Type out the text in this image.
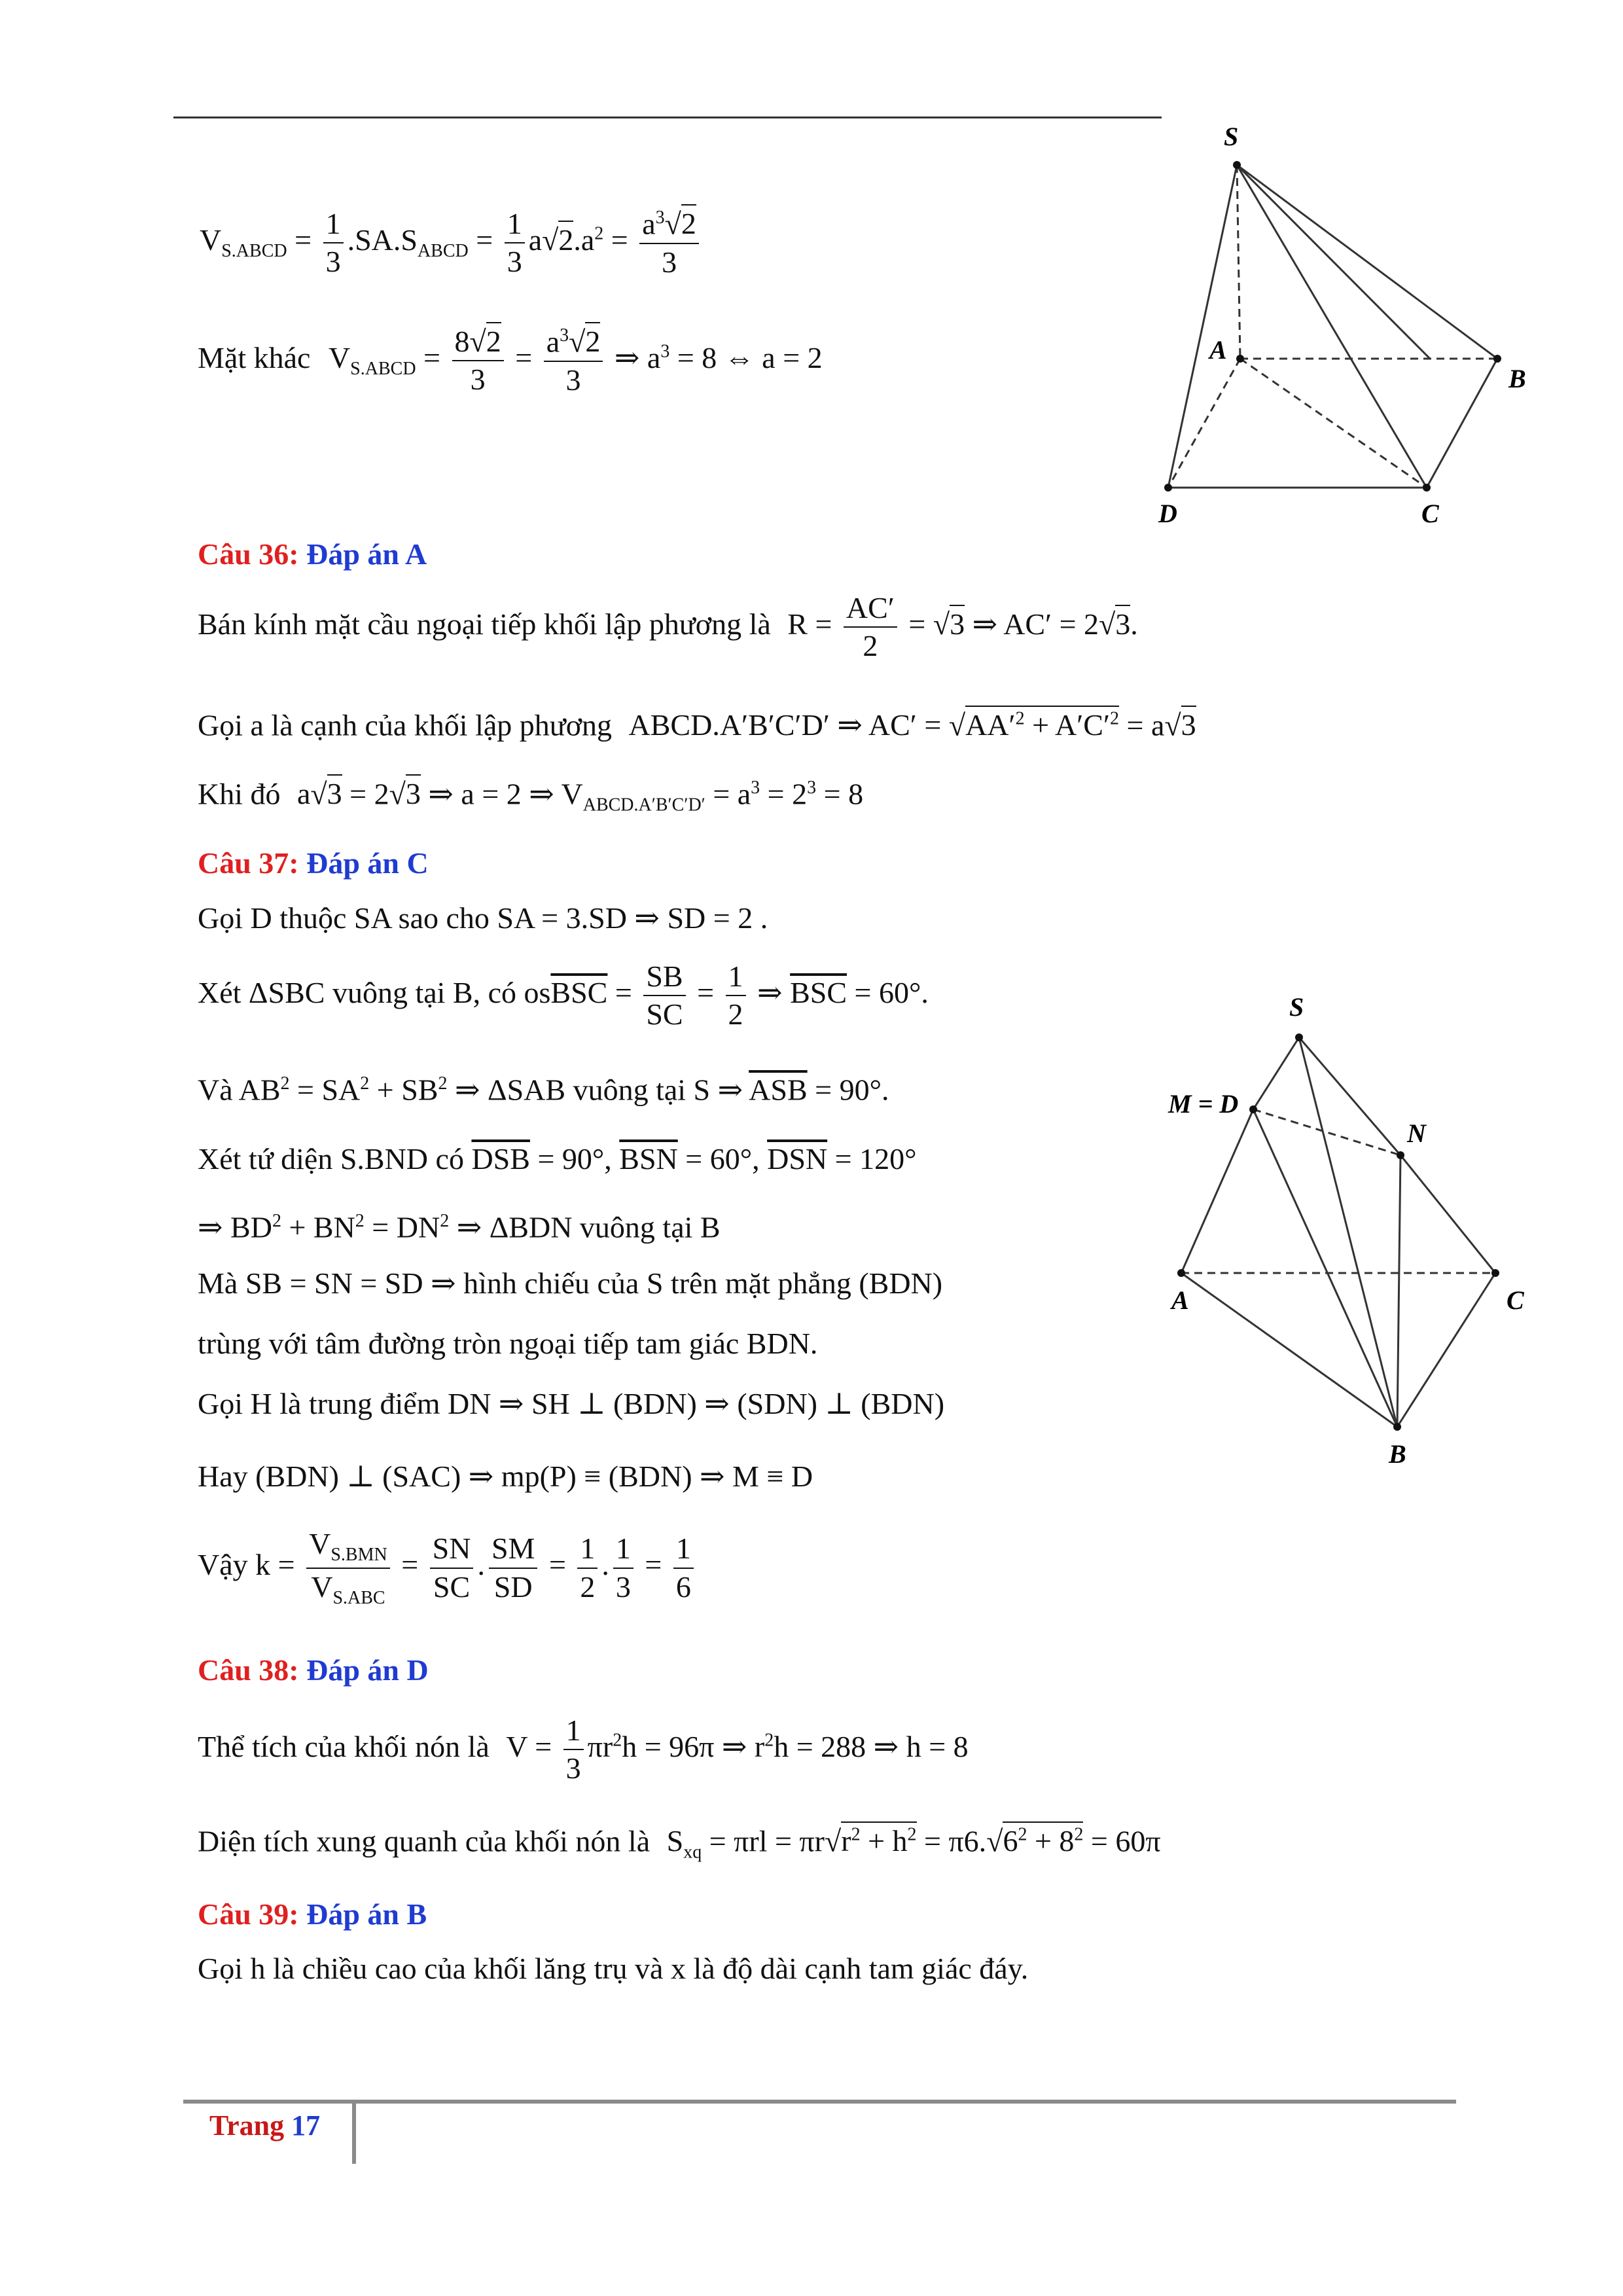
$V_{S.ABCD} = \frac{1}{3} .SA.S_{ABCD} = \frac{1}{3} a√2.a^2 = \frac{a^3√2}{3}$
Mặt khác $V_{S.ABCD} = \frac{8√2}{3} = \frac{a^3√2}{3}$ ⇒ $a^3 = 8$ ⇔ a = 2
S
A
B
C
D
Câu 36: Đáp án A
Bán kính mặt cầu ngoại tiếp khối lập phương là $R = \frac{AC'}{2} = √3$ ⇒ AC′ = 2√3.
Gọi a là cạnh của khối lập phương ABCD.A′B′C′D′ ⇒ $AC' = √AA'^2 + A'C'^2 = a√3$
Khi đó a√3 = 2√3 ⇒ a = 2 ⇒ $V_{ABCD.A'B'C'D'} = a^3 = 2^3 = 8$
Câu 37: Đáp án C
Gọi D thuộc SA sao cho SA = 3.SD ⇒ SD = 2 .
Xét ΔSBC vuông tại B, có $os\overline{BSC} = \frac{SB}{SC} = \frac{1}{2}$ ⇒ $\overline{BSC} = 60^\circ$.
Và $AB^2 = SA^2 + SB^2$ ⇒ ΔSAB vuông tại S ⇒ $\overline{ASB} = 90^\circ$.
Xét tứ diện S.BND có $\overline{DSB} = 90^\circ$, $\overline{BSN} = 60^\circ$, $\overline{DSN} = 120^\circ$
⇒ $BD^2 + BN^2 = DN^2$ ⇒ ΔBDN vuông tại B
Mà SB = SN = SD ⇒ hình chiếu của S trên mặt phẳng (BDN)
trùng với tâm đường tròn ngoại tiếp tam giác BDN.
Gọi H là trung điểm DN ⇒ SH ⊥ (BDN) ⇒ (SDN) ⊥ (BDN)
Hay (BDN) ⊥ (SAC) ⇒ mp(P) ≡ (BDN) ⇒ M ≡ D
Vậy $k = \frac{V_{S.BMN}}{V_{S.ABC}} = \frac{SN}{SC}$ . $\frac{SM}{SD} = \frac{1}{2}$ . $\frac{1}{3} = \frac{1}{6}$
S
M = D
N
A	C
B
Câu 38: Đáp án D
Thể tích của khối nón là $V = \frac{1}{3} \pi r^2h = 96\pi$ ⇒ $r^2h = 288$ ⇒ h = 8
Diện tích xung quanh của khối nón là $S_{xq} = \pi rl = \pi r√r^2 + h^2 = \pi 6.√6^2 + 8^2 = 60\pi$
Câu 39: Đáp án B
Gọi h là chiều cao của khối lăng trụ và x là độ dài cạnh tam giác đáy.
Trang 17
